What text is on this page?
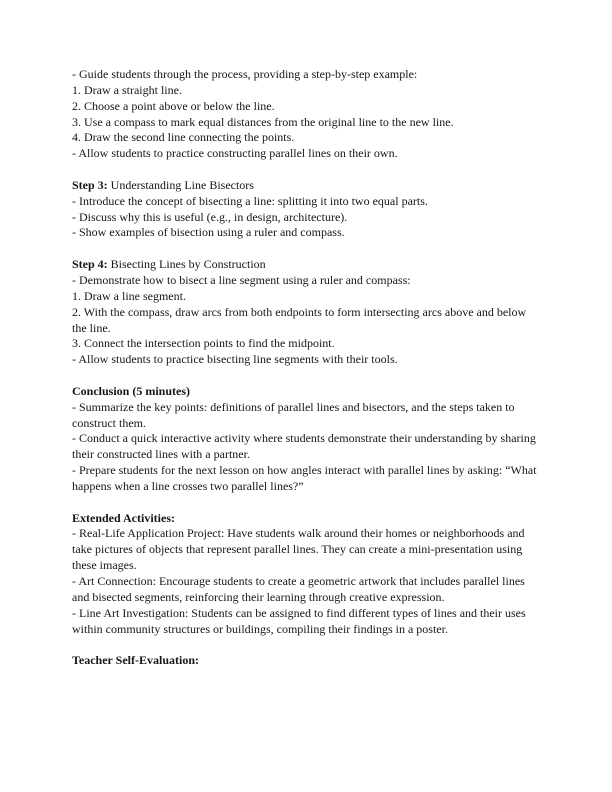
- Guide students through the process, providing a step-by-step example:
1. Draw a straight line.
2. Choose a point above or below the line.
3. Use a compass to mark equal distances from the original line to the new line.
4. Draw the second line connecting the points.
- Allow students to practice constructing parallel lines on their own.
Step 3: Understanding Line Bisectors
- Introduce the concept of bisecting a line: splitting it into two equal parts.
- Discuss why this is useful (e.g., in design, architecture).
- Show examples of bisection using a ruler and compass.
Step 4: Bisecting Lines by Construction
- Demonstrate how to bisect a line segment using a ruler and compass:
1. Draw a line segment.
2. With the compass, draw arcs from both endpoints to form intersecting arcs above and below
the line.
3. Connect the intersection points to find the midpoint.
- Allow students to practice bisecting line segments with their tools.
Conclusion (5 minutes)
- Summarize the key points: definitions of parallel lines and bisectors, and the steps taken to
construct them.
- Conduct a quick interactive activity where students demonstrate their understanding by sharing
their constructed lines with a partner.
- Prepare students for the next lesson on how angles interact with parallel lines by asking: “What
happens when a line crosses two parallel lines?”
Extended Activities:
- Real-Life Application Project: Have students walk around their homes or neighborhoods and
take pictures of objects that represent parallel lines. They can create a mini-presentation using
these images.
- Art Connection: Encourage students to create a geometric artwork that includes parallel lines
and bisected segments, reinforcing their learning through creative expression.
- Line Art Investigation: Students can be assigned to find different types of lines and their uses
within community structures or buildings, compiling their findings in a poster.
Teacher Self-Evaluation:
